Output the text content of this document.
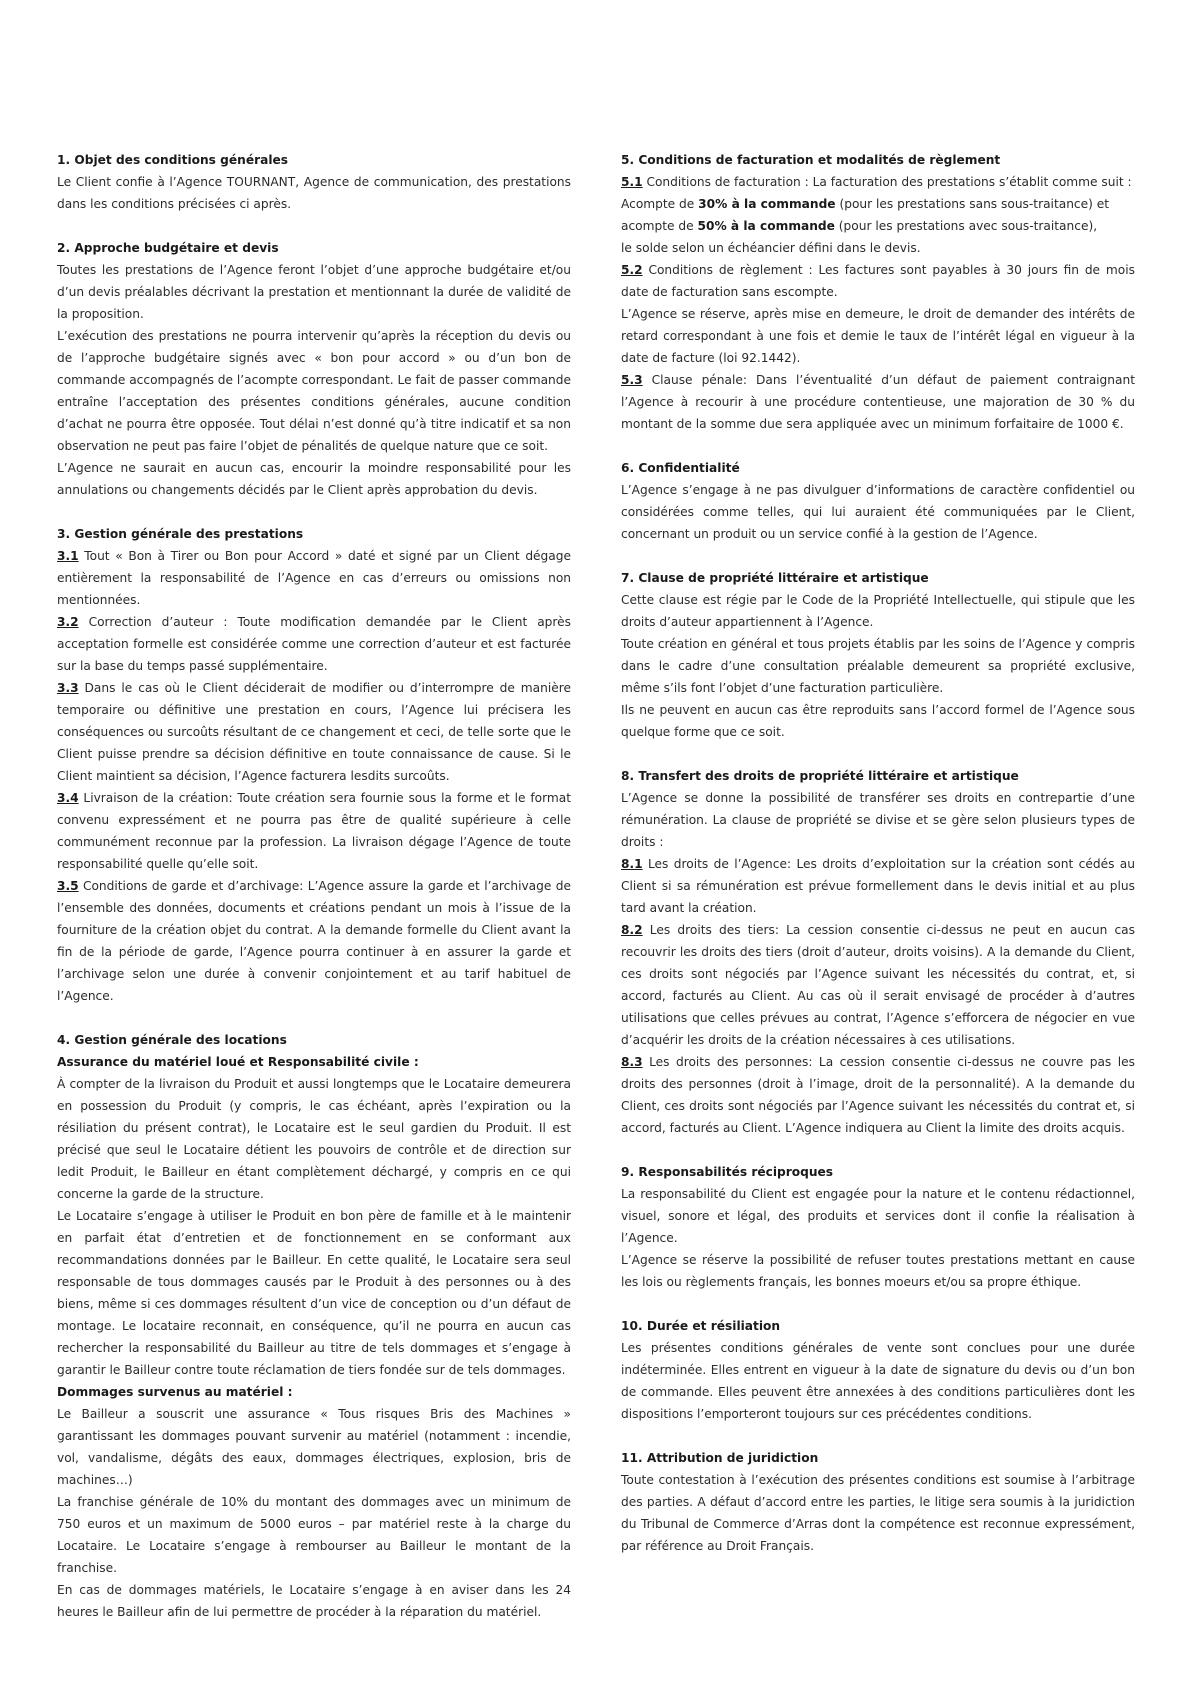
1. Objet des conditions générales
Le Client confie à l’Agence TOURNANT, Agence de communication, des prestations dans les conditions précisées ci après.
2. Approche budgétaire et devis
Toutes les prestations de l’Agence feront l’objet d’une approche budgétaire et/ou d’un devis préalables décrivant la prestation et mentionnant la durée de validité de la proposition.
L’exécution des prestations ne pourra intervenir qu’après la réception du devis ou de l’approche budgétaire signés avec « bon pour accord » ou d’un bon de commande accompagnés de l’acompte correspondant. Le fait de passer commande entraîne l’acceptation des présentes conditions générales, aucune condition d’achat ne pourra être opposée. Tout délai n’est donné qu’à titre indicatif et sa non observation ne peut pas faire l’objet de pénalités de quelque nature que ce soit.
L’Agence ne saurait en aucun cas, encourir la moindre responsabilité pour les annulations ou changements décidés par le Client après approbation du devis.
3. Gestion générale des prestations
3.1 Tout « Bon à Tirer ou Bon pour Accord » daté et signé par un Client dégage entièrement la responsabilité de l’Agence en cas d’erreurs ou omissions non mentionnées.
3.2 Correction d’auteur : Toute modification demandée par le Client après acceptation formelle est considérée comme une correction d’auteur et est facturée sur la base du temps passé supplémentaire.
3.3 Dans le cas où le Client déciderait de modifier ou d’interrompre de manière temporaire ou définitive une prestation en cours, l’Agence lui précisera les conséquences ou surcoûts résultant de ce changement et ceci, de telle sorte que le Client puisse prendre sa décision définitive en toute connaissance de cause. Si le Client maintient sa décision, l’Agence facturera lesdits surcoûts.
3.4 Livraison de la création: Toute création sera fournie sous la forme et le format convenu expressément et ne pourra pas être de qualité supérieure à celle communément reconnue par la profession. La livraison dégage l’Agence de toute responsabilité quelle qu’elle soit.
3.5 Conditions de garde et d’archivage: L’Agence assure la garde et l’archivage de l’ensemble des données, documents et créations pendant un mois à l’issue de la fourniture de la création objet du contrat. A la demande formelle du Client avant la fin de la période de garde, l’Agence pourra continuer à en assurer la garde et l’archivage selon une durée à convenir conjointement et au tarif habituel de l’Agence.
4. Gestion générale des locations
Assurance du matériel loué et Responsabilité civile :
À compter de la livraison du Produit et aussi longtemps que le Locataire demeurera en possession du Produit (y compris, le cas échéant, après l’expiration ou la résiliation du présent contrat), le Locataire est le seul gardien du Produit. Il est précisé que seul le Locataire détient les pouvoirs de contrôle et de direction sur ledit Produit, le Bailleur en étant complètement déchargé, y compris en ce qui concerne la garde de la structure.
Le Locataire s’engage à utiliser le Produit en bon père de famille et à le maintenir en parfait état d’entretien et de fonctionnement en se conformant aux recommandations données par le Bailleur. En cette qualité, le Locataire sera seul responsable de tous dommages causés par le Produit à des personnes ou à des biens, même si ces dommages résultent d’un vice de conception ou d’un défaut de montage. Le locataire reconnait, en conséquence, qu’il ne pourra en aucun cas rechercher la responsabilité du Bailleur au titre de tels dommages et s’engage à garantir le Bailleur contre toute réclamation de tiers fondée sur de tels dommages.
Dommages survenus au matériel :
Le Bailleur a souscrit une assurance « Tous risques Bris des Machines » garantissant les dommages pouvant survenir au matériel (notamment : incendie, vol, vandalisme, dégâts des eaux, dommages électriques, explosion, bris de machines…)
La franchise générale de 10% du montant des dommages avec un minimum de 750 euros et un maximum de 5000 euros – par matériel reste à la charge du Locataire. Le Locataire s’engage à rembourser au Bailleur le montant de la franchise.
En cas de dommages matériels, le Locataire s’engage à en aviser dans les 24 heures le Bailleur afin de lui permettre de procéder à la réparation du matériel.
5. Conditions de facturation et modalités de règlement
5.1 Conditions de facturation : La facturation des prestations s’établit comme suit :
Acompte de 30% à la commande (pour les prestations sans sous-traitance) et
acompte de 50% à la commande (pour les prestations avec sous-traitance),
le solde selon un échéancier défini dans le devis.
5.2 Conditions de règlement : Les factures sont payables à 30 jours fin de mois date de facturation sans escompte.
L’Agence se réserve, après mise en demeure, le droit de demander des intérêts de retard correspondant à une fois et demie le taux de l’intérêt légal en vigueur à la date de facture (loi 92.1442).
5.3 Clause pénale: Dans l’éventualité d’un défaut de paiement contraignant l’Agence à recourir à une procédure contentieuse, une majoration de 30 % du montant de la somme due sera appliquée avec un minimum forfaitaire de 1000 €.
6. Confidentialité
L’Agence s’engage à ne pas divulguer d’informations de caractère confidentiel ou considérées comme telles, qui lui auraient été communiquées par le Client, concernant un produit ou un service confié à la gestion de l’Agence.
7. Clause de propriété littéraire et artistique
Cette clause est régie par le Code de la Propriété Intellectuelle, qui stipule que les droits d’auteur appartiennent à l’Agence.
Toute création en général et tous projets établis par les soins de l’Agence y compris dans le cadre d’une consultation préalable demeurent sa propriété exclusive, même s’ils font l’objet d’une facturation particulière.
Ils ne peuvent en aucun cas être reproduits sans l’accord formel de l’Agence sous quelque forme que ce soit.
8. Transfert des droits de propriété littéraire et artistique
L’Agence se donne la possibilité de transférer ses droits en contrepartie d’une rémunération. La clause de propriété se divise et se gère selon plusieurs types de droits :
8.1 Les droits de l’Agence: Les droits d’exploitation sur la création sont cédés au Client si sa rémunération est prévue formellement dans le devis initial et au plus tard avant la création.
8.2 Les droits des tiers: La cession consentie ci-dessus ne peut en aucun cas recouvrir les droits des tiers (droit d’auteur, droits voisins). A la demande du Client, ces droits sont négociés par l’Agence suivant les nécessités du contrat, et, si accord, facturés au Client. Au cas où il serait envisagé de procéder à d’autres utilisations que celles prévues au contrat, l’Agence s’efforcera de négocier en vue d’acquérir les droits de la création nécessaires à ces utilisations.
8.3 Les droits des personnes: La cession consentie ci-dessus ne couvre pas les droits des personnes (droit à l’image, droit de la personnalité). A la demande du Client, ces droits sont négociés par l’Agence suivant les nécessités du contrat et, si accord, facturés au Client. L’Agence indiquera au Client la limite des droits acquis.
9. Responsabilités réciproques
La responsabilité du Client est engagée pour la nature et le contenu rédactionnel, visuel, sonore et légal, des produits et services dont il confie la réalisation à l’Agence.
L’Agence se réserve la possibilité de refuser toutes prestations mettant en cause les lois ou règlements français, les bonnes moeurs et/ou sa propre éthique.
10. Durée et résiliation
Les présentes conditions générales de vente sont conclues pour une durée indéterminée. Elles entrent en vigueur à la date de signature du devis ou d’un bon de commande. Elles peuvent être annexées à des conditions particulières dont les dispositions l’emporteront toujours sur ces précédentes conditions.
11. Attribution de juridiction
Toute contestation à l’exécution des présentes conditions est soumise à l’arbitrage des parties. A défaut d’accord entre les parties, le litige sera soumis à la juridiction du Tribunal de Commerce d’Arras dont la compétence est reconnue expressément, par référence au Droit Français.
